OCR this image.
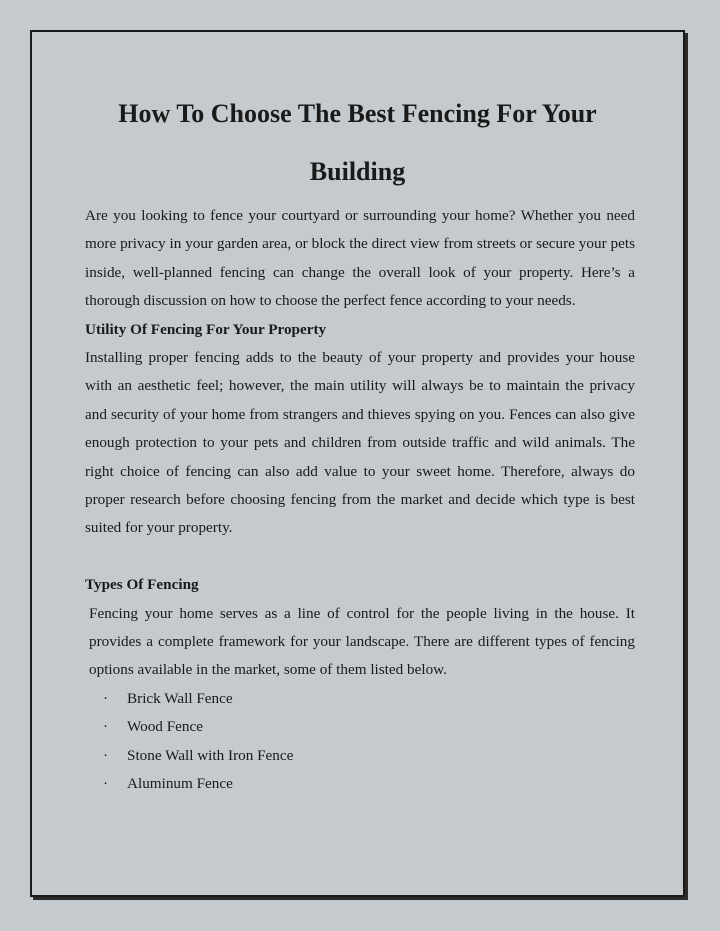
How To Choose The Best Fencing For Your
Building

Are you looking to fence your courtyard or surrounding your home? Whether you need more privacy in your garden area, or block the direct view from streets or secure your pets inside, well-planned fencing can change the overall look of your property. Here’s a thorough discussion on how to choose the perfect fence according to your needs.

Utility Of Fencing For Your Property

Installing proper fencing adds to the beauty of your property and provides your house with an aesthetic feel; however, the main utility will always be to maintain the privacy and security of your home from strangers and thieves spying on you. Fences can also give enough protection to your pets and children from outside traffic and wild animals. The right choice of fencing can also add value to your sweet home. Therefore, always do proper research before choosing fencing from the market and decide which type is best suited for your property.

Types Of Fencing

Fencing your home serves as a line of control for the people living in the house. It provides a complete framework for your landscape. There are different types of fencing options available in the market, some of them listed below.

· Brick Wall Fence
· Wood Fence
· Stone Wall with Iron Fence
· Aluminum Fence
